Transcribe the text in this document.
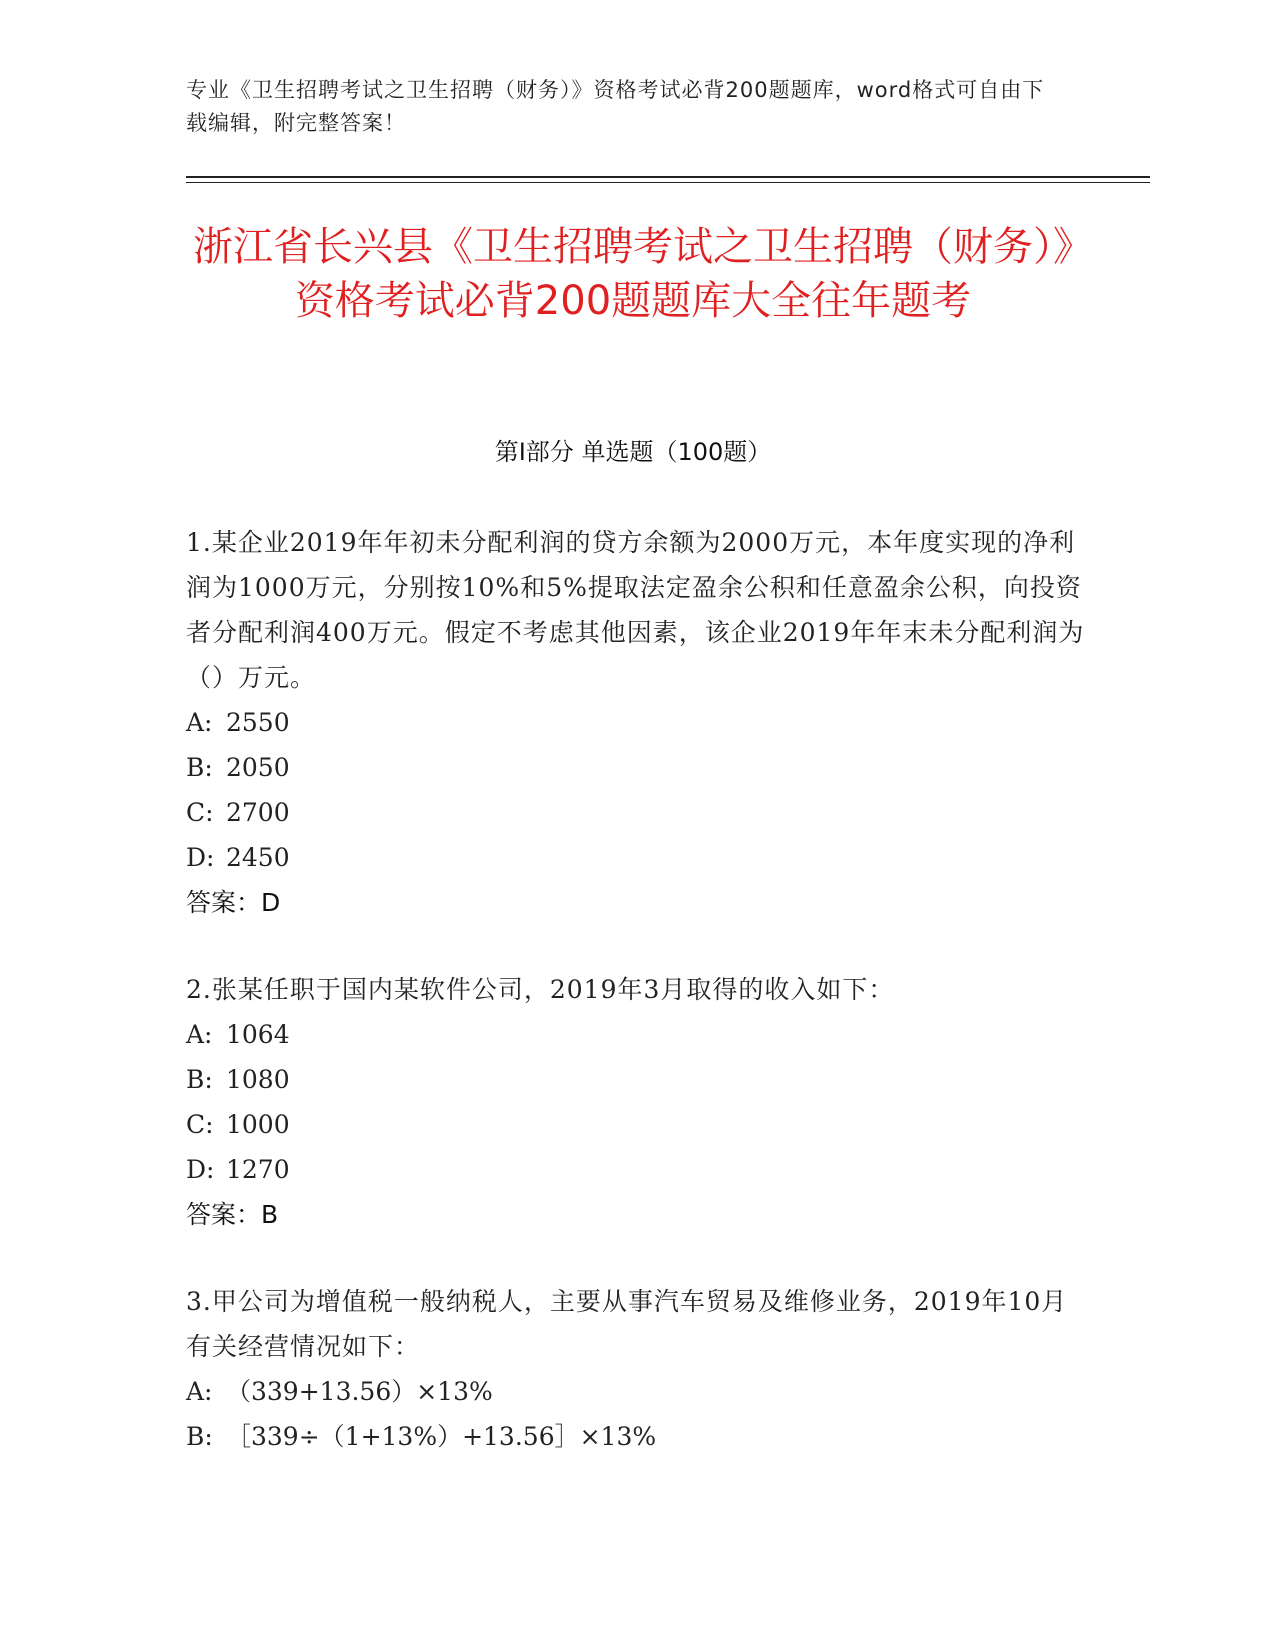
专业《卫生招聘考试之卫生招聘（财务）》资格考试必背200题题库，word格式可自由下载编辑，附完整答案！
浙江省长兴县《卫生招聘考试之卫生招聘（财务）》资格考试必背200题题库大全往年题考
第I部分 单选题（100题）

1.某企业2019年年初未分配利润的贷方余额为2000万元，本年度实现的净利润为1000万元，分别按10%和5%提取法定盈余公积和任意盈余公积，向投资者分配利润400万元。假定不考虑其他因素，该企业2019年年末未分配利润为（）万元。

A: 2550
B: 2050
C: 2700
D: 2450
答案：D

2.张某任职于国内某软件公司，2019年3月取得的收入如下：

A: 1064
B: 1080
C: 1000
D: 1270
答案：B

3.甲公司为增值税一般纳税人，主要从事汽车贸易及维修业务，2019年10月有关经营情况如下：

A: （339+13.56）×13%
B: ［339÷（1+13%）+13.56］×13%
